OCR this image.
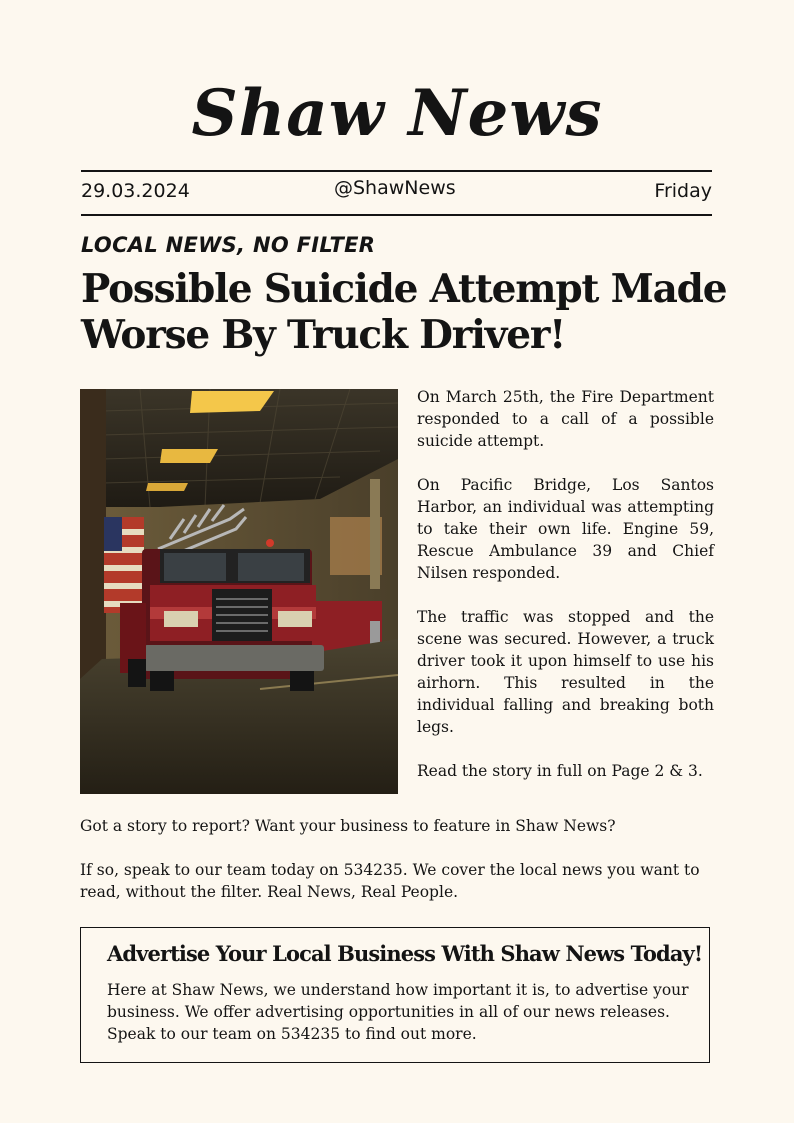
Shaw News
29.03.2024	@ShawNews	Friday
LOCAL NEWS, NO FILTER
Possible Suicide Attempt Made Worse By Truck Driver!

On March 25th, the Fire Department responded to a call of a possible suicide attempt.

On Pacific Bridge, Los Santos Harbor, an individual was attempting to take their own life. Engine 59, Rescue Ambulance 39 and Chief Nilsen responded.

The traffic was stopped and the scene was secured. However, a truck driver took it upon himself to use his airhorn. This resulted in the individual falling and breaking both legs.

Read the story in full on Page 2 & 3.

Got a story to report? Want your business to feature in Shaw News?

If so, speak to our team today on 534235. We cover the local news you want to read, without the filter. Real News, Real People.

Advertise Your Local Business With Shaw News Today!
Here at Shaw News, we understand how important it is, to advertise your business. We offer advertising opportunities in all of our news releases. Speak to our team on 534235 to find out more.
